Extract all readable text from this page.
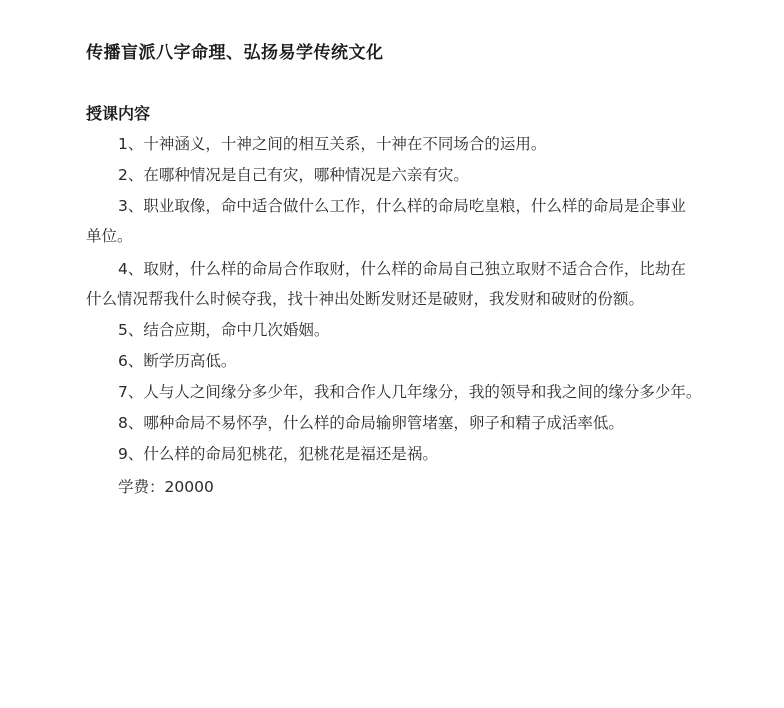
传播盲派八字命理、弘扬易学传统文化
授课内容
1、十神涵义，十神之间的相互关系，十神在不同场合的运用。
2、在哪种情况是自己有灾，哪种情况是六亲有灾。
3、职业取像，命中适合做什么工作，什么样的命局吃皇粮，什么样的命局是企事业
单位。
4、取财，什么样的命局合作取财，什么样的命局自己独立取财不适合合作，比劫在
什么情况帮我什么时候夺我，找十神出处断发财还是破财，我发财和破财的份额。
5、结合应期，命中几次婚姻。
6、断学历高低。
7、人与人之间缘分多少年，我和合作人几年缘分，我的领导和我之间的缘分多少年。
8、哪种命局不易怀孕，什么样的命局输卵管堵塞，卵子和精子成活率低。
9、什么样的命局犯桃花，犯桃花是福还是祸。
学费：20000
